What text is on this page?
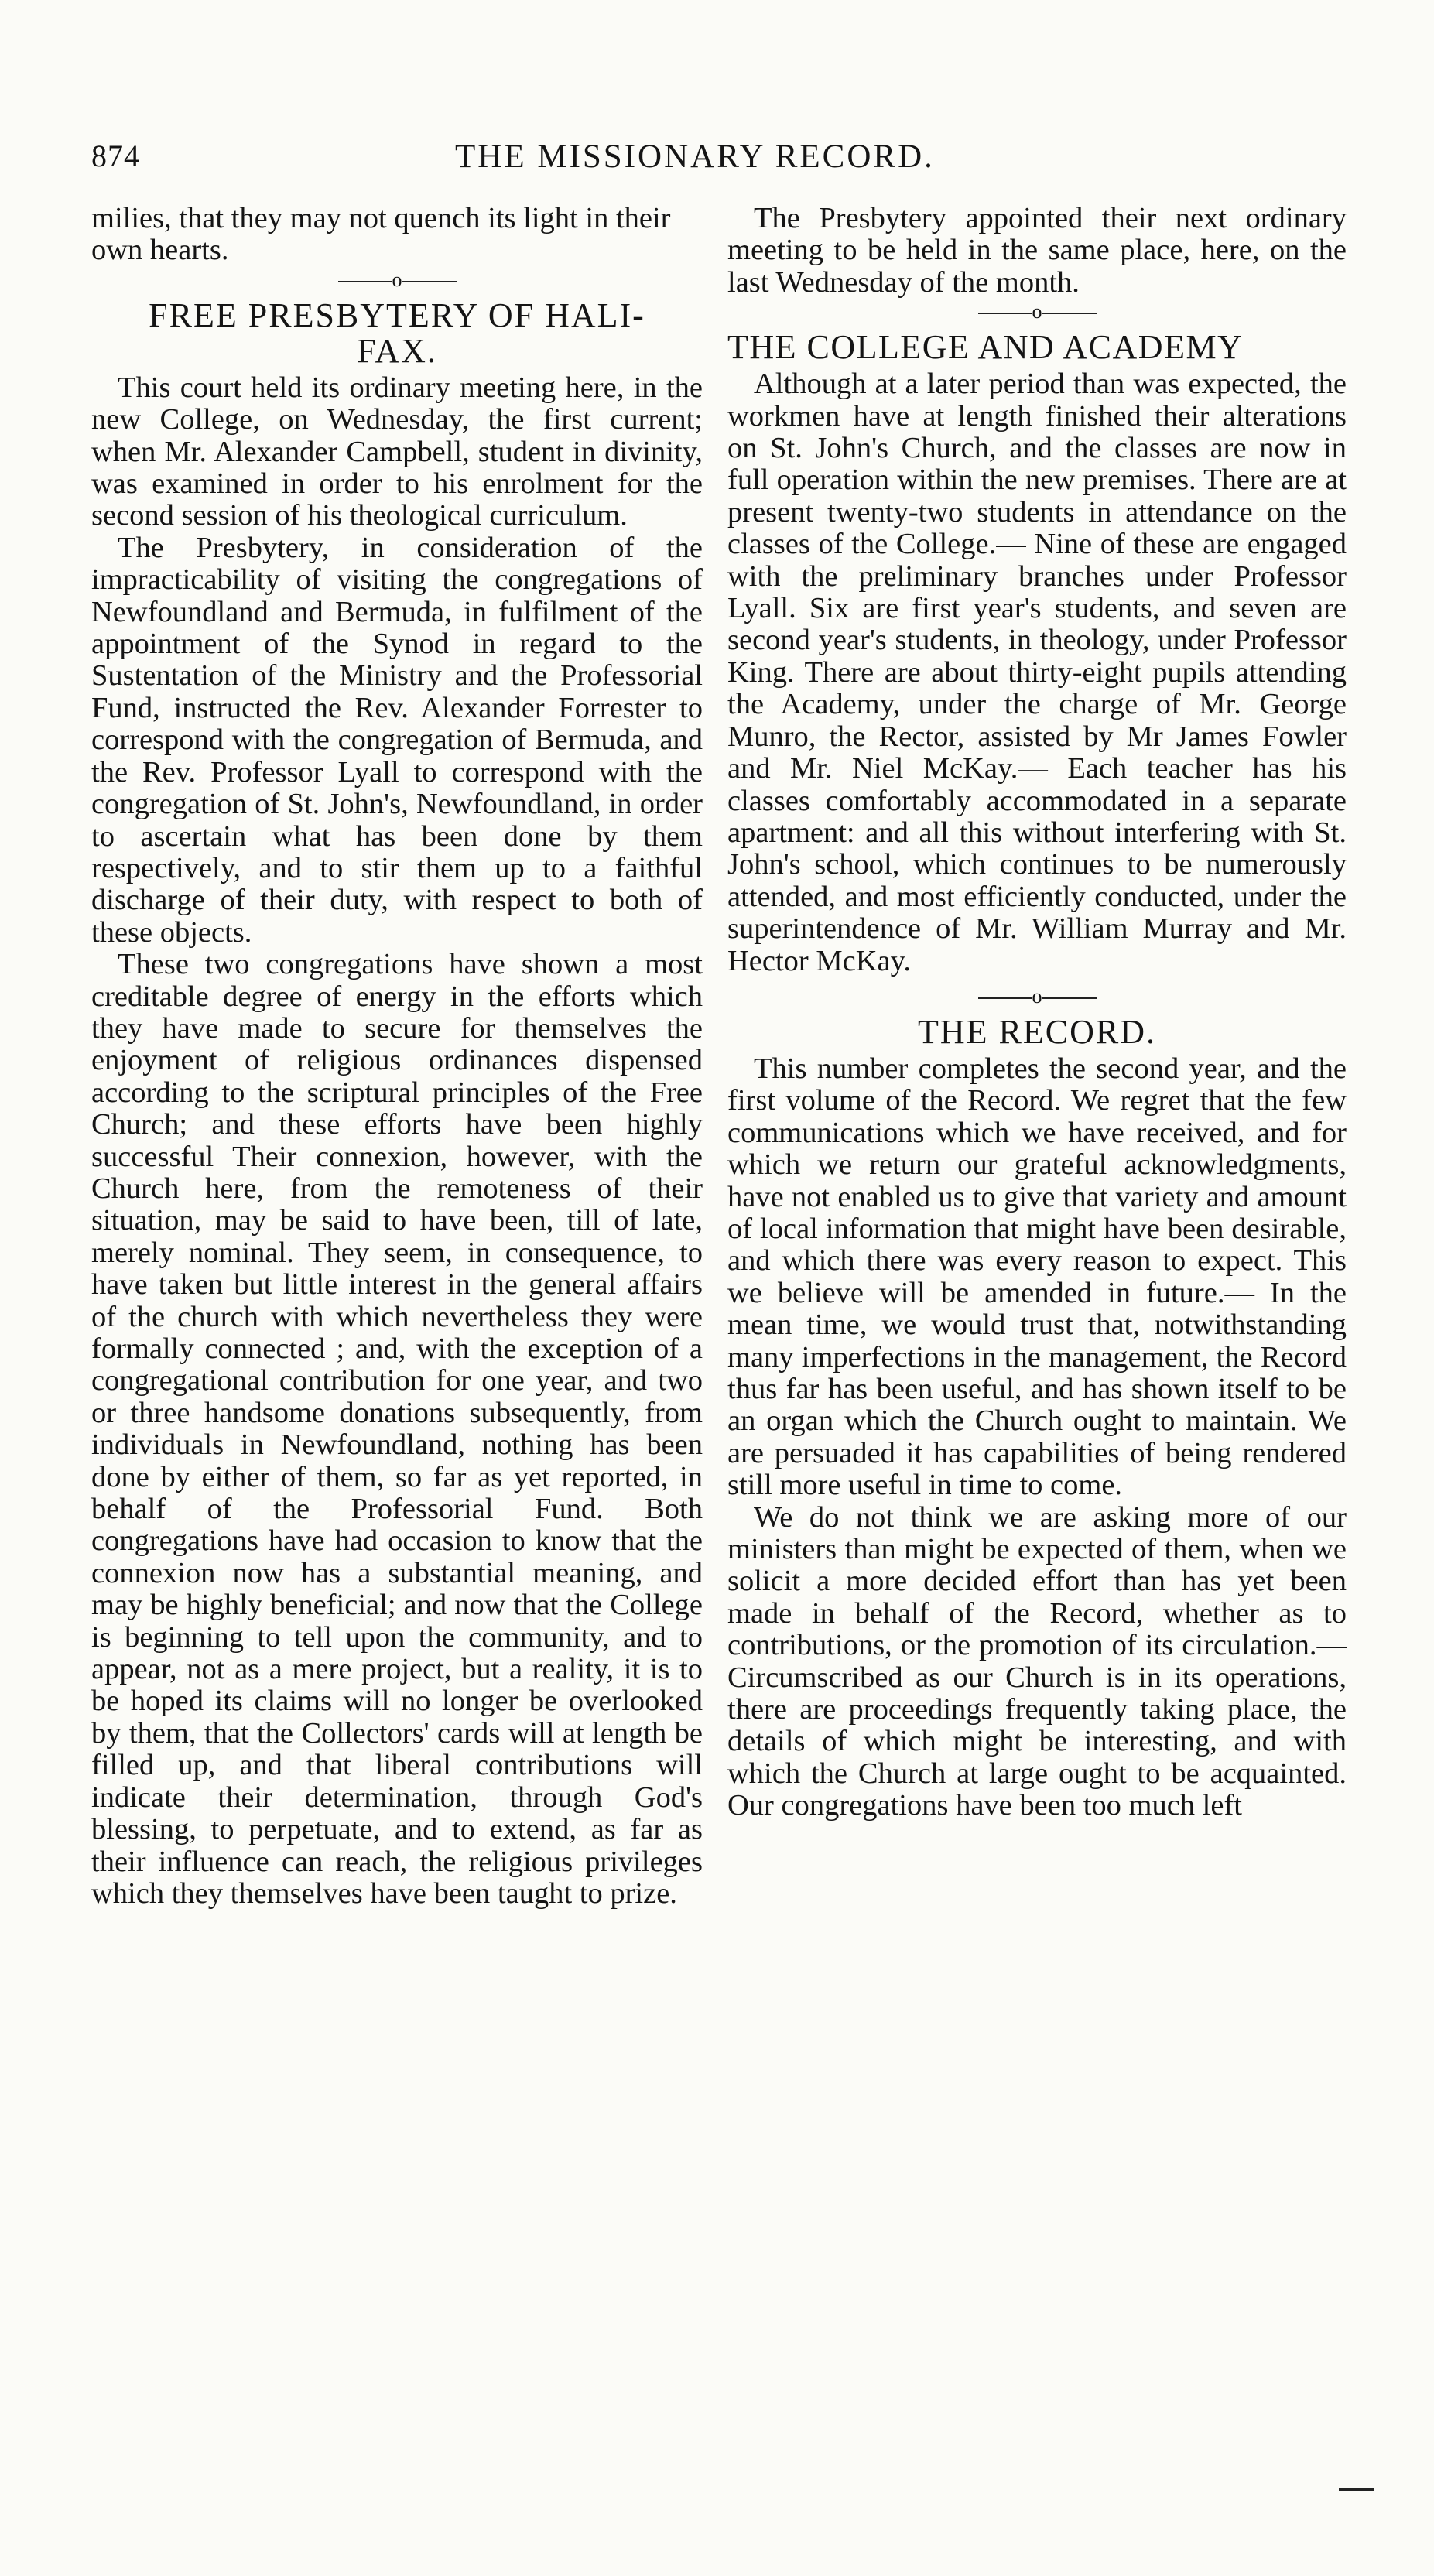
874	THE MISSIONARY RECORD.

milies, that they may not quench its light in their own hearts.

o
FREE PRESBYTERY OF HALI-
FAX.

This court held its ordinary meeting here, in the new College, on Wednesday, the first current; when Mr. Alexander Campbell, student in divinity, was examined in order to his enrolment for the second session of his theological curriculum.

The Presbytery, in consideration of the impracticability of visiting the congregations of Newfoundland and Bermuda, in fulfilment of the appointment of the Synod in regard to the Sustentation of the Ministry and the Professorial Fund, instructed the Rev. Alexander Forrester to correspond with the congregation of Bermuda, and the Rev. Professor Lyall to correspond with the congregation of St. John's, Newfoundland, in order to ascertain what has been done by them respectively, and to stir them up to a faithful discharge of their duty, with respect to both of these objects.

These two congregations have shown a most creditable degree of energy in the efforts which they have made to secure for themselves the enjoyment of religious ordinances dispensed according to the scriptural principles of the Free Church; and these efforts have been highly successful Their connexion, however, with the Church here, from the remoteness of their situation, may be said to have been, till of late, merely nominal. They seem, in consequence, to have taken but little interest in the general affairs of the church with which nevertheless they were formally connected ; and, with the exception of a congregational contribution for one year, and two or three handsome donations subsequently, from individuals in Newfoundland, nothing has been done by either of them, so far as yet reported, in behalf of the Professorial Fund. Both congregations have had occasion to know that the connexion now has a substantial meaning, and may be highly beneficial; and now that the College is beginning to tell upon the community, and to appear, not as a mere project, but a reality, it is to be hoped its claims will no longer be overlooked by them, that the Collectors' cards will at length be filled up, and that liberal contributions will indicate their determination, through God's blessing, to perpetuate, and to extend, as far as their influence can reach, the religious privileges which they themselves have been taught to prize.

The Presbytery appointed their next ordinary meeting to be held in the same place, here, on the last Wednesday of the month.

o
THE COLLEGE AND ACADEMY

Although at a later period than was expected, the workmen have at length finished their alterations on St. John's Church, and the classes are now in full operation within the new premises. There are at present twenty-two students in attendance on the classes of the College.— Nine of these are engaged with the preliminary branches under Professor Lyall. Six are first year's students, and seven are second year's students, in theology, under Professor King. There are about thirty-eight pupils attending the Academy, under the charge of Mr. George Munro, the Rector, assisted by Mr James Fowler and Mr. Niel McKay.— Each teacher has his classes comfortably accommodated in a separate apartment: and all this without interfering with St. John's school, which continues to be numerously attended, and most efficiently conducted, under the superintendence of Mr. William Murray and Mr. Hector McKay.

o
THE RECORD.

This number completes the second year, and the first volume of the Record. We regret that the few communications which we have received, and for which we return our grateful acknowledgments, have not enabled us to give that variety and amount of local information that might have been desirable, and which there was every reason to expect. This we believe will be amended in future.— In the mean time, we would trust that, notwithstanding many imperfections in the management, the Record thus far has been useful, and has shown itself to be an organ which the Church ought to maintain. We are persuaded it has capabilities of being rendered still more useful in time to come.

We do not think we are asking more of our ministers than might be expected of them, when we solicit a more decided effort than has yet been made in behalf of the Record, whether as to contributions, or the promotion of its circulation.— Circumscribed as our Church is in its operations, there are proceedings frequently taking place, the details of which might be interesting, and with which the Church at large ought to be acquainted. Our congregations have been too much left
